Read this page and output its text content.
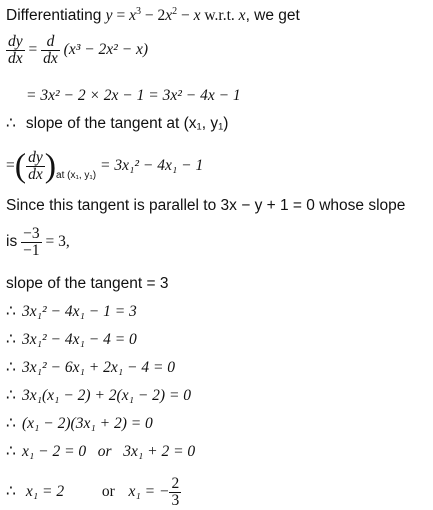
Differentiating $y = x^3 - 2x^2 - x$ w.r.t. x, we get
$\frac{dy}{dx} = \frac{d}{dx} (x^3 - 2x^2 - x)$
= 3x² − 2 × 2x − 1 = 3x² − 4x − 1
∴ slope of the tangent at (x₁, y₁)
=( $\frac{dy}{dx} )_{at (x_1, y_1)} = 3x_1^2 - 4x_1 - 1$
Since this tangent is parallel to 3x − y + 1 = 0 whose slope
is $\frac{-3}{-1} = 3$,
slope of the tangent = 3
∴ 3x₁² − 4x₁ − 1 = 3
∴ 3x₁² − 4x₁ − 4 = 0
∴ 3x₁² − 6x₁ + 2x₁ − 4 = 0
∴ 3x₁(x₁ − 2) + 2(x₁ − 2) = 0
∴ (x₁ − 2)(3x₁ + 2) = 0
∴ x₁ − 2 = 0   or   3x₁ + 2 = 0
∴ x₁ = 2 or x₁ = − $\frac{2}{3}$
